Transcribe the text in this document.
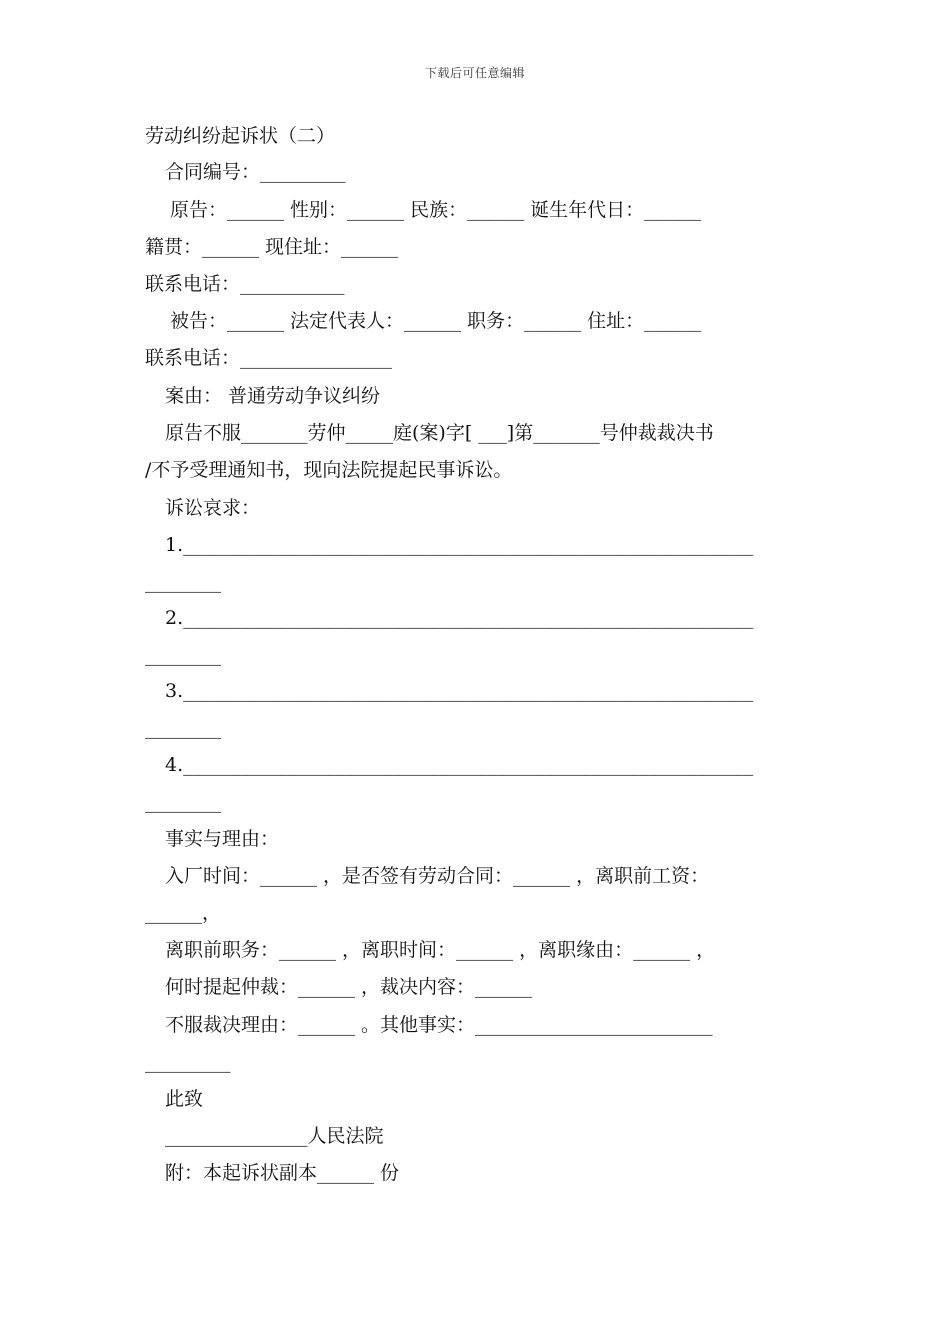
下载后可任意编辑
劳动纠纷起诉状（二）
合同编号：_________
原告：______ 性别：______ 民族：______ 诞生年代日：______
籍贯：______ 现住址：______
联系电话：___________
被告：______ 法定代表人：______ 职务：______ 住址：______
联系电话：________________
案由： 普通劳动争议纠纷
原告不服_______劳仲_____庭(案)字[ ___]第_______号仲裁裁决书
/不予受理通知书，现向法院提起民事诉讼。
诉讼哀求：
1.____________________________________________________________
________
2.____________________________________________________________
________
3.____________________________________________________________
________
4.____________________________________________________________
________
事实与理由：
入厂时间：______ ，是否签有劳动合同：______ ，离职前工资：
______，
离职前职务：______ ，离职时间：______ ，离职缘由：______ ，
何时提起仲裁：______ ，裁决内容：______
不服裁决理由：______ 。其他事实：_________________________
_________
此致
_______________人民法院
附：本起诉状副本______ 份
